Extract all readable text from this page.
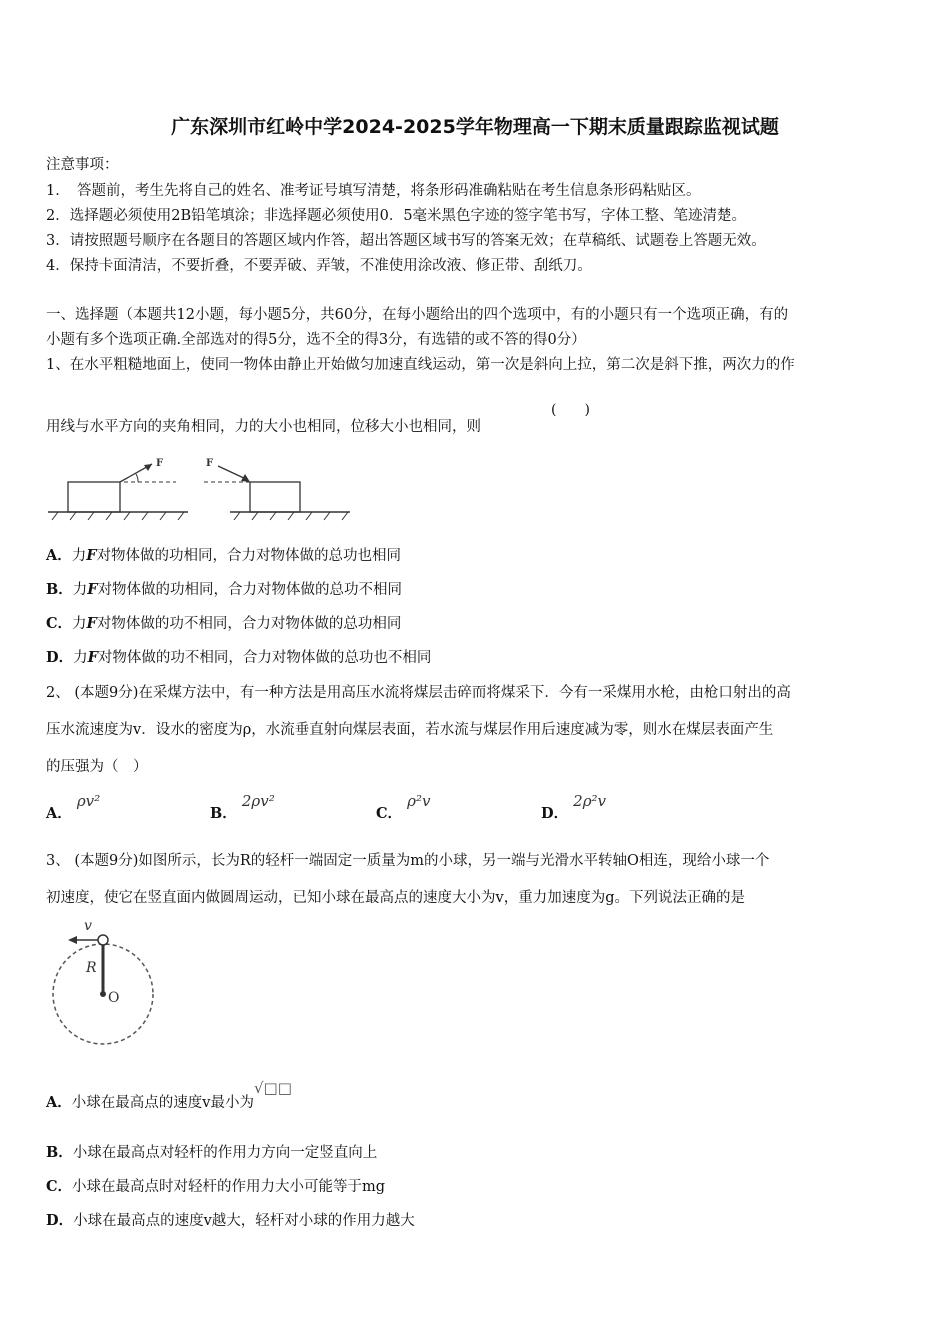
广东深圳市红岭中学2024-2025学年物理高一下期末质量跟踪监视试题
注意事项：
1．　答题前，考生先将自己的姓名、准考证号填写清楚，将条形码准确粘贴在考生信息条形码粘贴区。
2．选择题必须使用2B铅笔填涂；非选择题必须使用0．5毫米黑色字迹的签字笔书写，字体工整、笔迹清楚。
3．请按照题号顺序在各题目的答题区域内作答，超出答题区域书写的答案无效；在草稿纸、试题卷上答题无效。
4．保持卡面清洁，不要折叠，不要弄破、弄皱，不准使用涂改液、修正带、刮纸刀。
一、选择题（本题共12小题，每小题5分，共60分，在每小题给出的四个选项中，有的小题只有一个选项正确，有的
小题有多个选项正确.全部选对的得5分，选不全的得3分，有选错的或不答的得0分）
1、在水平粗糙地面上，使同一物体由静止开始做匀加速直线运动，第一次是斜向上拉，第二次是斜下推，两次力的作
用线与水平方向的夹角相同，力的大小也相同，位移大小也相同，则
(　　)
F	F
A．力F对物体做的功相同，合力对物体做的总功也相同
B．力F对物体做的功相同，合力对物体做的总功不相同
C．力F对物体做的功不相同，合力对物体做的总功相同
D．力F对物体做的功不相同，合力对物体做的总功也不相同
2、 (本题9分)在采煤方法中，有一种方法是用高压水流将煤层击碎而将煤采下．今有一采煤用水枪，由枪口射出的高
压水流速度为v．设水的密度为ρ，水流垂直射向煤层表面，若水流与煤层作用后速度减为零，则水在煤层表面产生
的压强为（　）
A． ρv²
B． 2ρv²
C． ρ²v
D． 2ρ²v
3、 (本题9分)如图所示，长为R的轻杆一端固定一质量为m的小球，另一端与光滑水平转轴O相连，现给小球一个
初速度，使它在竖直面内做圆周运动，已知小球在最高点的速度大小为v，重力加速度为g。下列说法正确的是
v
R
O
A．小球在最高点的速度v最小为√□□
B．小球在最高点对轻杆的作用力方向一定竖直向上
C．小球在最高点时对轻杆的作用力大小可能等于mg
D．小球在最高点的速度v越大，轻杆对小球的作用力越大
